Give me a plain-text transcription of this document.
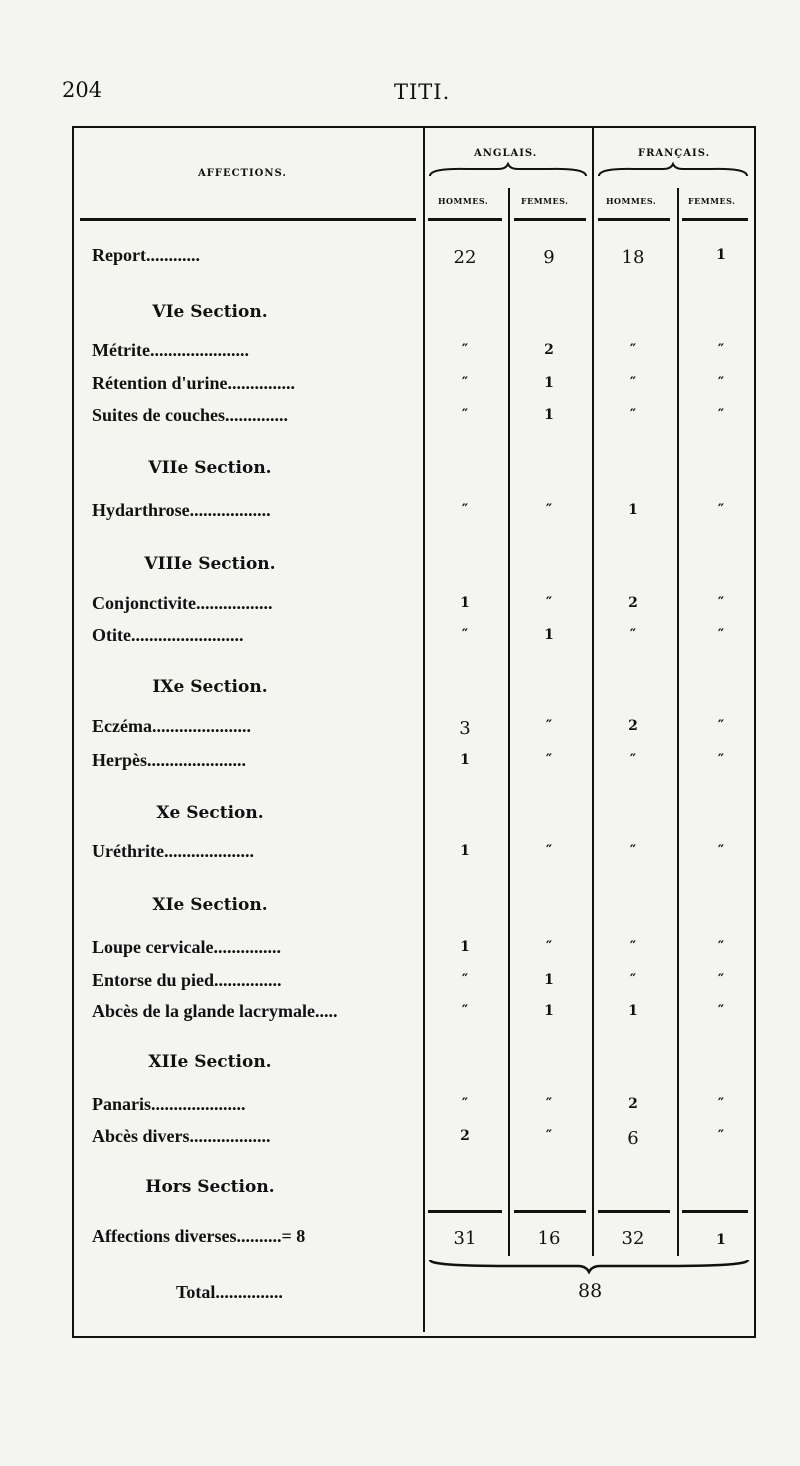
204	TITI.
AFFECTIONS.
ANGLAIS.	FRANÇAIS.
HOMMES.	FEMMES.	HOMMES.	FEMMES.
Report............	22	9	18	1
VIe Section.
Métrite......................	″	2	″	″
Rétention d'urine...............	″	1	″	″
Suites de couches..............	″	1	″	″
VIIe Section.
Hydarthrose..................	″	″	1	″
VIIIe Section.
Conjonctivite.................	1	″	2	″
Otite.........................	″	1	″	″
IXe Section.
Eczéma......................	3	″	2	″
Herpès......................	1	″	″	″
Xe Section.
Uréthrite....................	1	″	″	″
XIe Section.
Loupe cervicale...............	1	″	″	″
Entorse du pied...............	″	1	″	″
Abcès de la glande lacrymale.....	″	1	1	″
XIIe Section.
Panaris.....................	″	″	2	″
Abcès divers..................	2	″	6	″
Hors Section.
Affections diverses..........= 8	31	16	32	1
Total...............	88
